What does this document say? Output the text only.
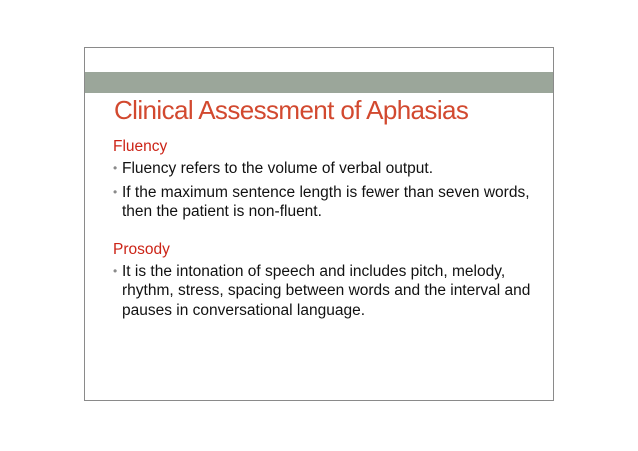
Clinical Assessment of Aphasias

Fluency

• Fluency refers to the volume of verbal output.
• If the maximum sentence length is fewer than seven words, then the patient is non-fluent.

Prosody

• It is the intonation of speech and includes pitch, melody, rhythm, stress, spacing between words and the interval and pauses in conversational language.
